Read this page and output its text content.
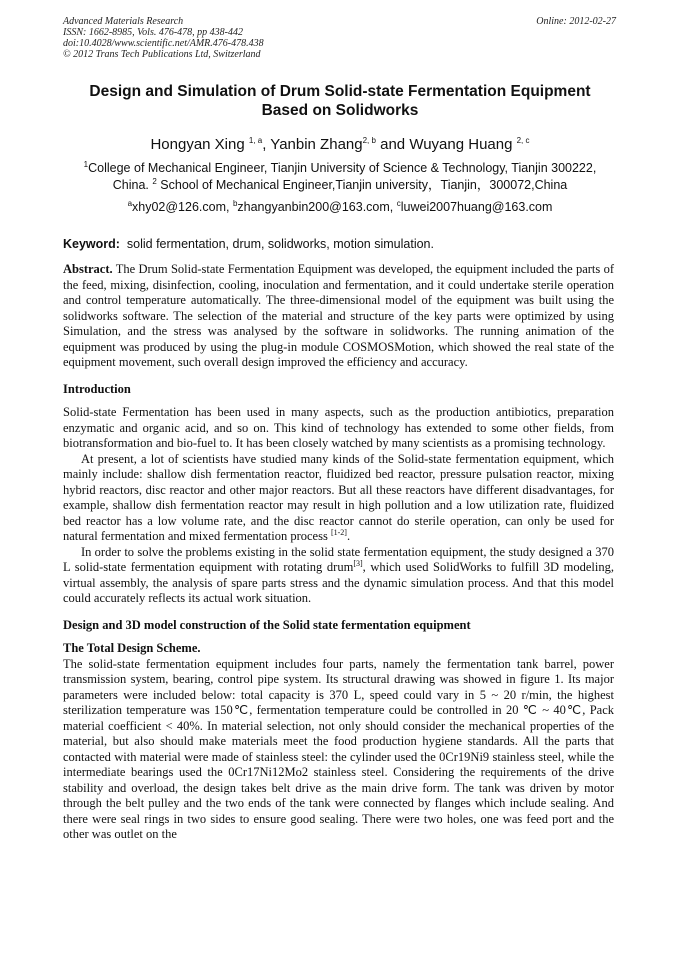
Advanced Materials Research
ISSN: 1662-8985, Vols. 476-478, pp 438-442
doi:10.4028/www.scientific.net/AMR.476-478.438
© 2012 Trans Tech Publications Ltd, Switzerland
Online: 2012-02-27
Design and Simulation of Drum Solid-state Fermentation Equipment
Based on Solidworks
Hongyan Xing $^{1, a}$, Yanbin Zhang$^{2, b}$ and Wuyang Huang $^{2, c}$
$^1$College of Mechanical Engineer, Tianjin University of Science & Technology, Tianjin 300222,
China. $^2$ School of Mechanical Engineer,Tianjin university，Tianjin，300072,China
$^a$xhy02@126.com, $^b$zhangyanbin200@163.com, $^c$luwei2007huang@163.com
Keyword:  solid fermentation, drum, solidworks, motion simulation.

Abstract. The Drum Solid-state Fermentation Equipment was developed, the equipment included the parts of the feed, mixing, disinfection, cooling, inoculation and fermentation, and it could undertake sterile operation and control temperature automatically. The three-dimensional model of the equipment was built using the solidworks software. The selection of the material and structure of the key parts were optimized by using Simulation, and the stress was analysed by the software in solidworks. The running animation of the equipment was produced by using the plug-in module COSMOSMotion, which showed the real state of the equipment movement, such overall design improved the efficiency and accuracy.

Introduction

Solid-state Fermentation has been used in many aspects, such as the production antibiotics, preparation enzymatic and organic acid, and so on. This kind of technology has extended to some other fields, from biotransformation and bio-fuel to. It has been closely watched by many scientists as a promising technology.

At present, a lot of scientists have studied many kinds of the Solid-state fermentation equipment, which mainly include: shallow dish fermentation reactor, fluidized bed reactor, pressure pulsation reactor, mixing hybrid reactors, disc reactor and other major reactors. But all these reactors have different disadvantages, for example, shallow dish fermentation reactor may result in high pollution and a low utilization rate, fluidized bed reactor has a low volume rate, and the disc reactor cannot do sterile operation, can only be used for natural fermentation and mixed fermentation process [1-2].

In order to solve the problems existing in the solid state fermentation equipment, the study designed a 370 L solid-state fermentation equipment with rotating drum[3], which used SolidWorks to fulfill 3D modeling, virtual assembly, the analysis of spare parts stress and the dynamic simulation process. And that this model could accurately reflects its actual work situation.

Design and 3D model construction of the Solid state fermentation equipment
The Total Design Scheme.

The solid-state fermentation equipment includes four parts, namely the fermentation tank barrel, power transmission system, bearing, control pipe system. Its structural drawing was showed in figure 1. Its major parameters were included below: total capacity is 370 L, speed could vary in 5 ~ 20 r/min, the highest sterilization temperature was 150℃, fermentation temperature could be controlled in 20 ℃ ~ 40℃, Pack material coefficient < 40%. In material selection, not only should consider the mechanical properties of the material, but also should make materials meet the food production hygiene standards. All the parts that contacted with material were made of stainless steel: the cylinder used the 0Cr19Ni9 stainless steel, while the intermediate bearings used the 0Cr17Ni12Mo2 stainless steel. Considering the requirements of the drive stability and overload, the design takes belt drive as the main drive form. The tank was driven by motor through the belt pulley and the two ends of the tank were connected by flanges which include sealing. And there were seal rings in two sides to ensure good sealing. There were two holes, one was feed port and the other was outlet on the
